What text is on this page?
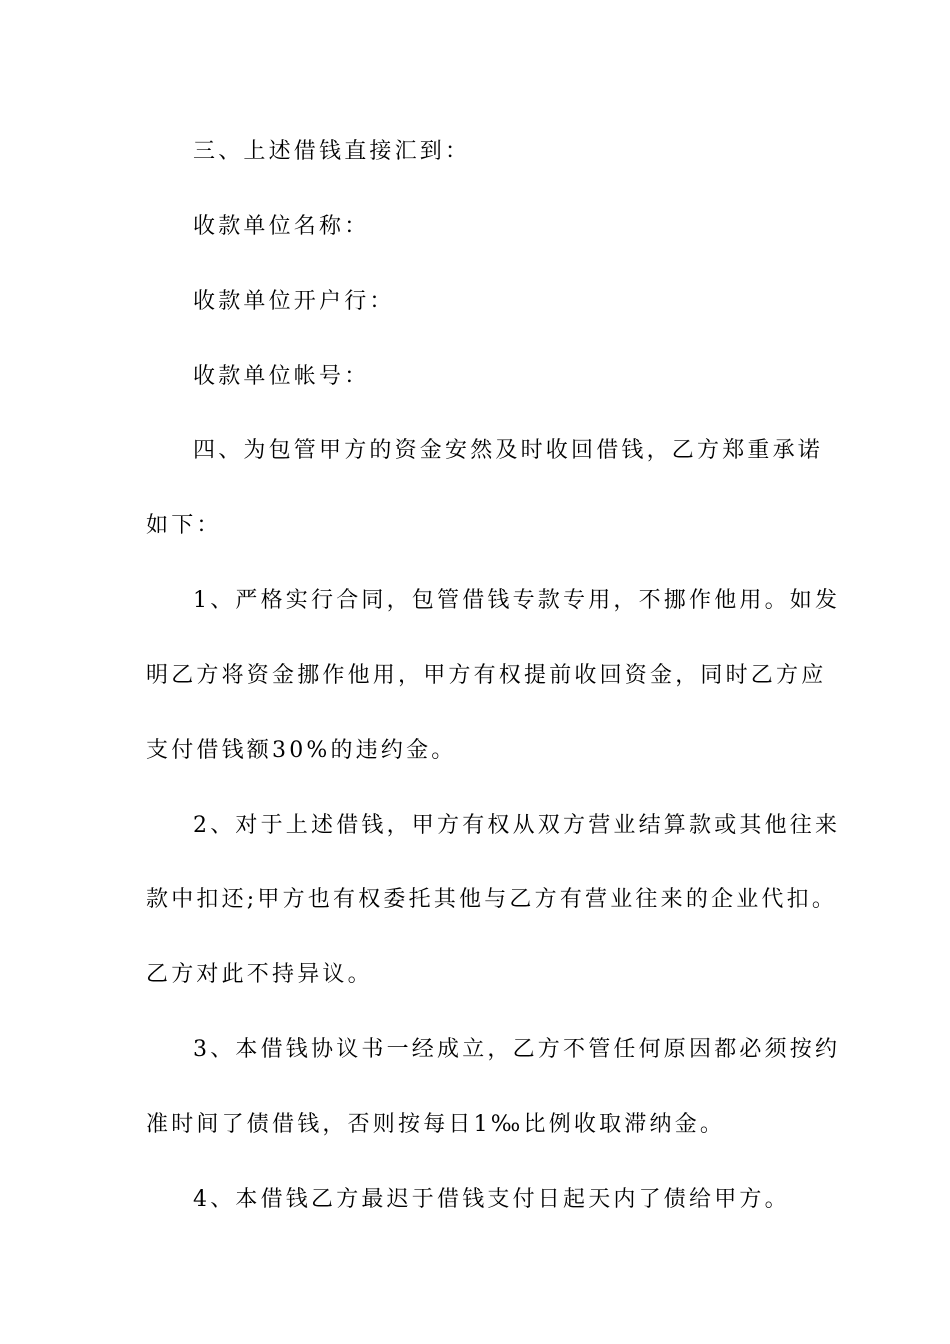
三、上述借钱直接汇到：
收款单位名称：
收款单位开户行：
收款单位帐号：
四、为包管甲方的资金安然及时收回借钱，乙方郑重承诺
如下：
1、严格实行合同，包管借钱专款专用，不挪作他用。如发
明乙方将资金挪作他用，甲方有权提前收回资金，同时乙方应
支付借钱额30%的违约金。
2、对于上述借钱，甲方有权从双方营业结算款或其他往来
款中扣还;甲方也有权委托其他与乙方有营业往来的企业代扣。
乙方对此不持异议。
3、本借钱协议书一经成立，乙方不管任何原因都必须按约
准时间了债借钱，否则按每日1‰比例收取滞纳金。
4、本借钱乙方最迟于借钱支付日起天内了债给甲方。
